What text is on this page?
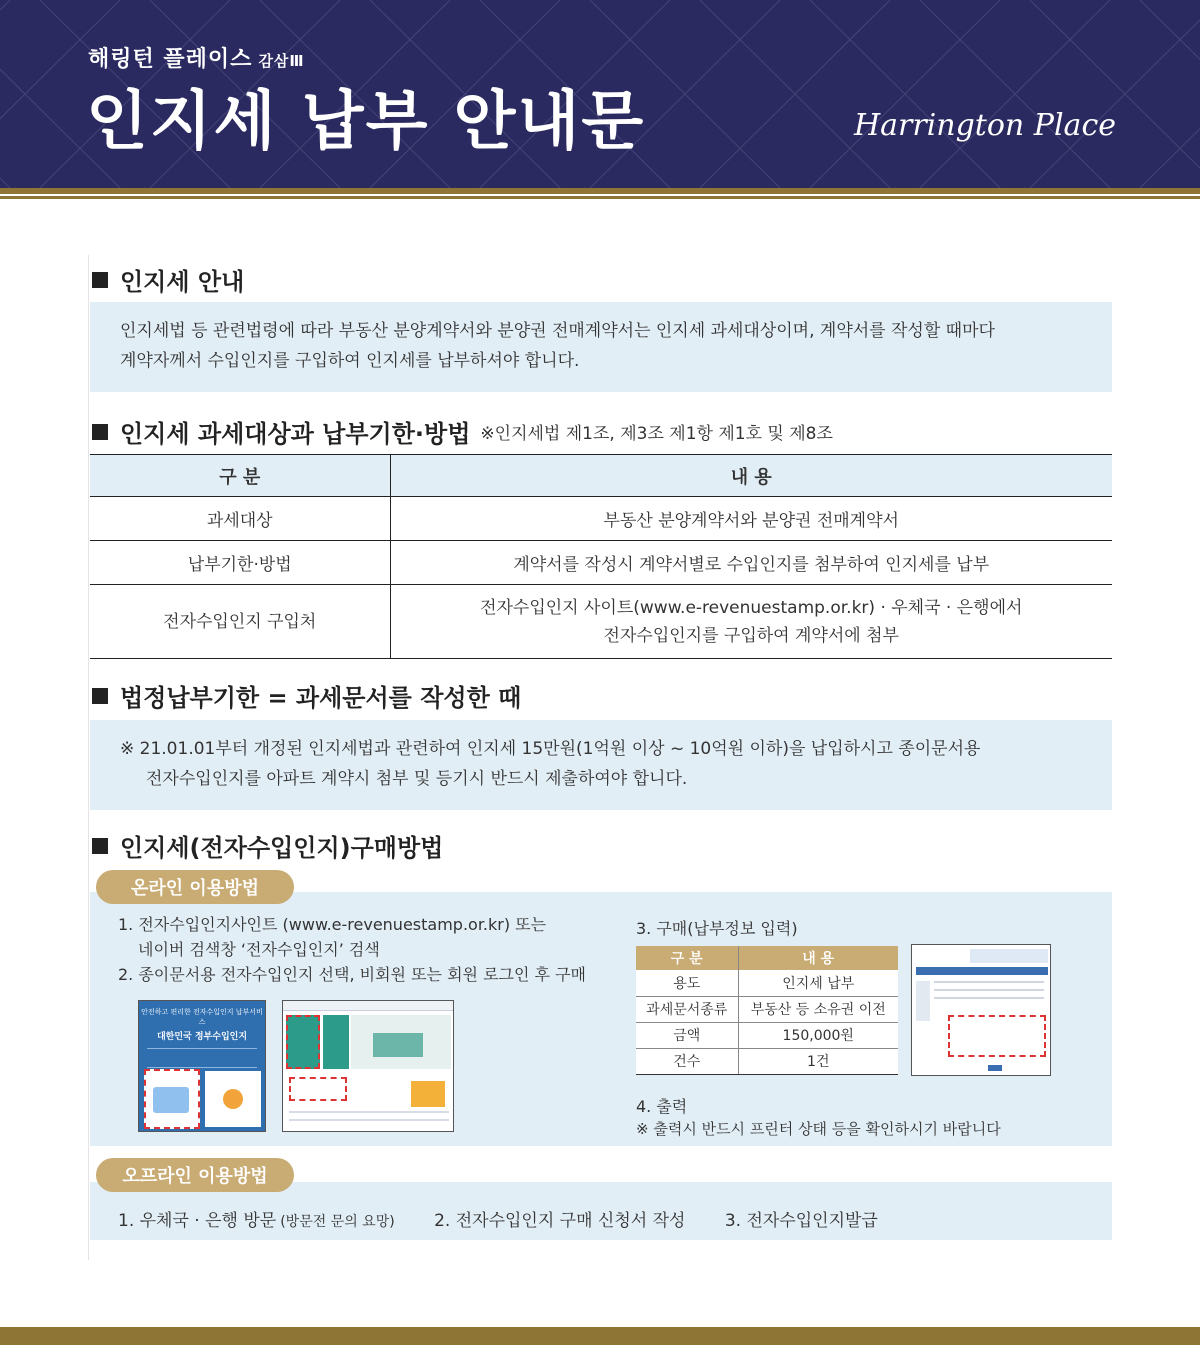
해링턴 플레이스 감삼Ⅲ
인지세 납부 안내문	Harrington Place
인지세 안내

인지세법 등 관련법령에 따라 부동산 분양계약서와 분양권 전매계약서는 인지세 과세대상이며, 계약서를 작성할 때마다

계약자께서 수입인지를 구입하여 인지세를 납부하셔야 합니다.

인지세 과세대상과 납부기한·방법 ※인지세법 제1조, 제3조 제1항 제1호 및 제8조
구 분	내 용
과세대상	부동산 분양계약서와 분양권 전매계약서
납부기한·방법	계약서를 작성시 계약서별로 수입인지를 첨부하여 인지세를 납부
전자수입인지 구입처	전자수입인지 사이트(www.e-revenuestamp.or.kr) · 우체국 · 은행에서
전자수입인지를 구입하여 계약서에 첨부
법정납부기한 = 과세문서를 작성한 때

※ 21.01.01부터 개정된 인지세법과 관련하여 인지세 15만원(1억원 이상 ~ 10억원 이하)을 납입하시고 종이문서용

전자수입인지를 아파트 계약시 첨부 및 등기시 반드시 제출하여야 합니다.

인지세(전자수입인지)구매방법
온라인 이용방법
1. 전자수입인지사인트 (www.e-revenuestamp.or.kr) 또는
네이버 검색창 ‘전자수입인지’ 검색
2. 종이문서용 전자수입인지 선택, 비회원 또는 회원 로그인 후 구매
안전하고 편리한 전자수입인지 납부서비스
대한민국 정부수입인지
3. 구매(납부정보 입력)
구 분	내 용
용도	인지세 납부
과세문서종류	부동산 등 소유권 이전
금액	150,000원
건수	1건
4. 출력
※ 출력시 반드시 프린터 상태 등을 확인하시기 바랍니다
오프라인 이용방법
1. 우체국 · 은행 방문 (방문전 문의 요망) 2. 전자수입인지 구매 신청서 작성 3. 전자수입인지발급
